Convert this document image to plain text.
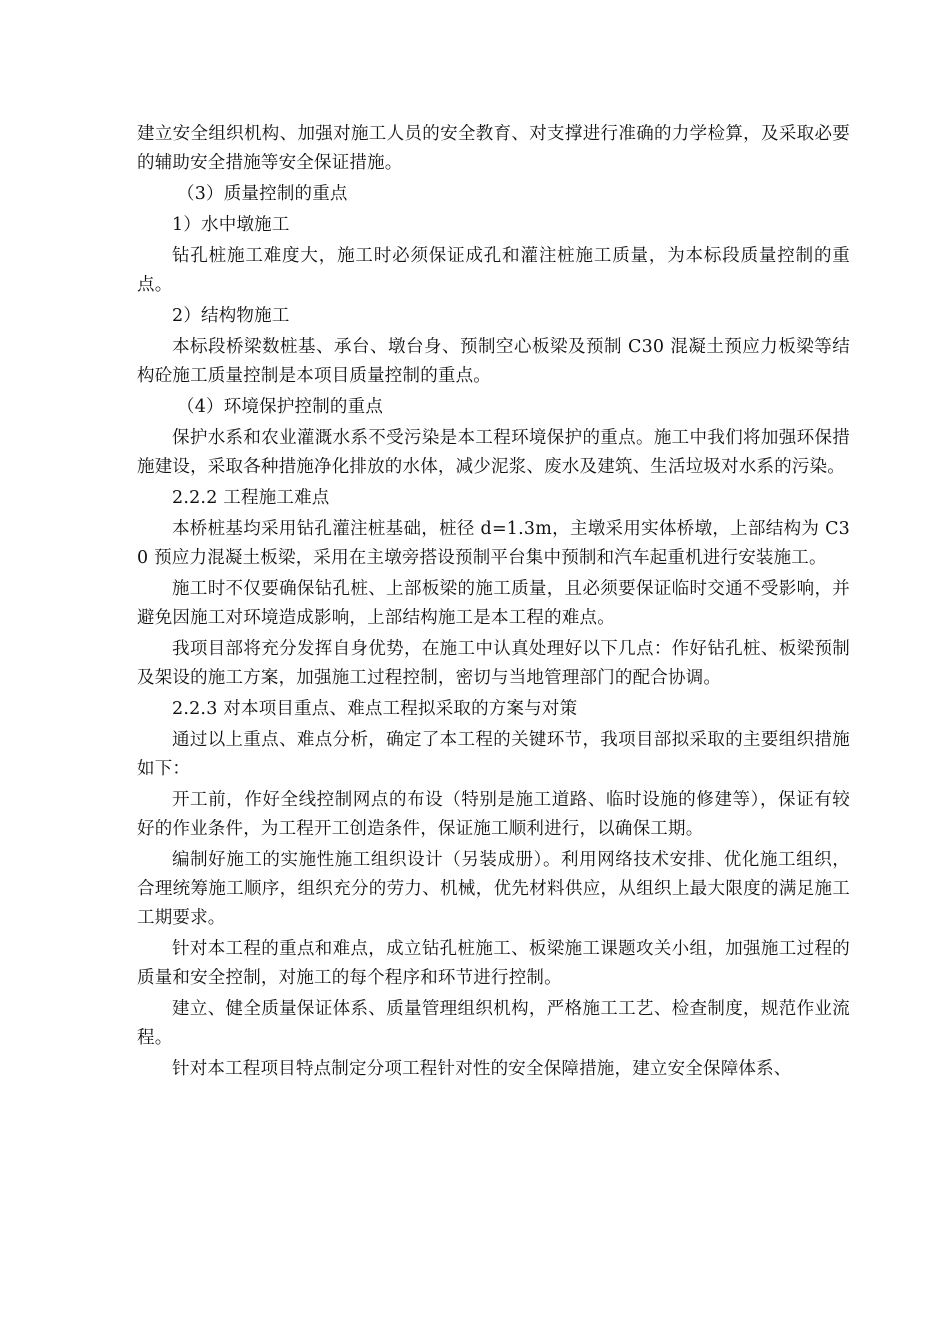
建立安全组织机构、加强对施工人员的安全教育、对支撑进行准确的力学检算，及采取必要的辅助安全措施等安全保证措施。

（3）质量控制的重点

1）水中墩施工

钻孔桩施工难度大，施工时必须保证成孔和灌注桩施工质量，为本标段质量控制的重点。

2）结构物施工

本标段桥梁数桩基、承台、墩台身、预制空心板梁及预制 C30 混凝土预应力板梁等结构砼施工质量控制是本项目质量控制的重点。

（4）环境保护控制的重点

保护水系和农业灌溉水系不受污染是本工程环境保护的重点。施工中我们将加强环保措施建设，采取各种措施净化排放的水体，减少泥浆、废水及建筑、生活垃圾对水系的污染。

2.2.2 工程施工难点

本桥桩基均采用钻孔灌注桩基础，桩径 d=1.3m，主墩采用实体桥墩，上部结构为 C30 预应力混凝土板梁，采用在主墩旁搭设预制平台集中预制和汽车起重机进行安装施工。

施工时不仅要确保钻孔桩、上部板梁的施工质量，且必须要保证临时交通不受影响，并避免因施工对环境造成影响，上部结构施工是本工程的难点。

我项目部将充分发挥自身优势，在施工中认真处理好以下几点：作好钻孔桩、板梁预制及架设的施工方案，加强施工过程控制，密切与当地管理部门的配合协调。

2.2.3 对本项目重点、难点工程拟采取的方案与对策

通过以上重点、难点分析，确定了本工程的关键环节，我项目部拟采取的主要组织措施如下：

开工前，作好全线控制网点的布设（特别是施工道路、临时设施的修建等），保证有较好的作业条件，为工程开工创造条件，保证施工顺利进行，以确保工期。

编制好施工的实施性施工组织设计（另装成册）。利用网络技术安排、优化施工组织，合理统筹施工顺序，组织充分的劳力、机械，优先材料供应，从组织上最大限度的满足施工工期要求。

针对本工程的重点和难点，成立钻孔桩施工、板梁施工课题攻关小组，加强施工过程的质量和安全控制，对施工的每个程序和环节进行控制。

建立、健全质量保证体系、质量管理组织机构，严格施工工艺、检查制度，规范作业流程。

针对本工程项目特点制定分项工程针对性的安全保障措施，建立安全保障体系、
